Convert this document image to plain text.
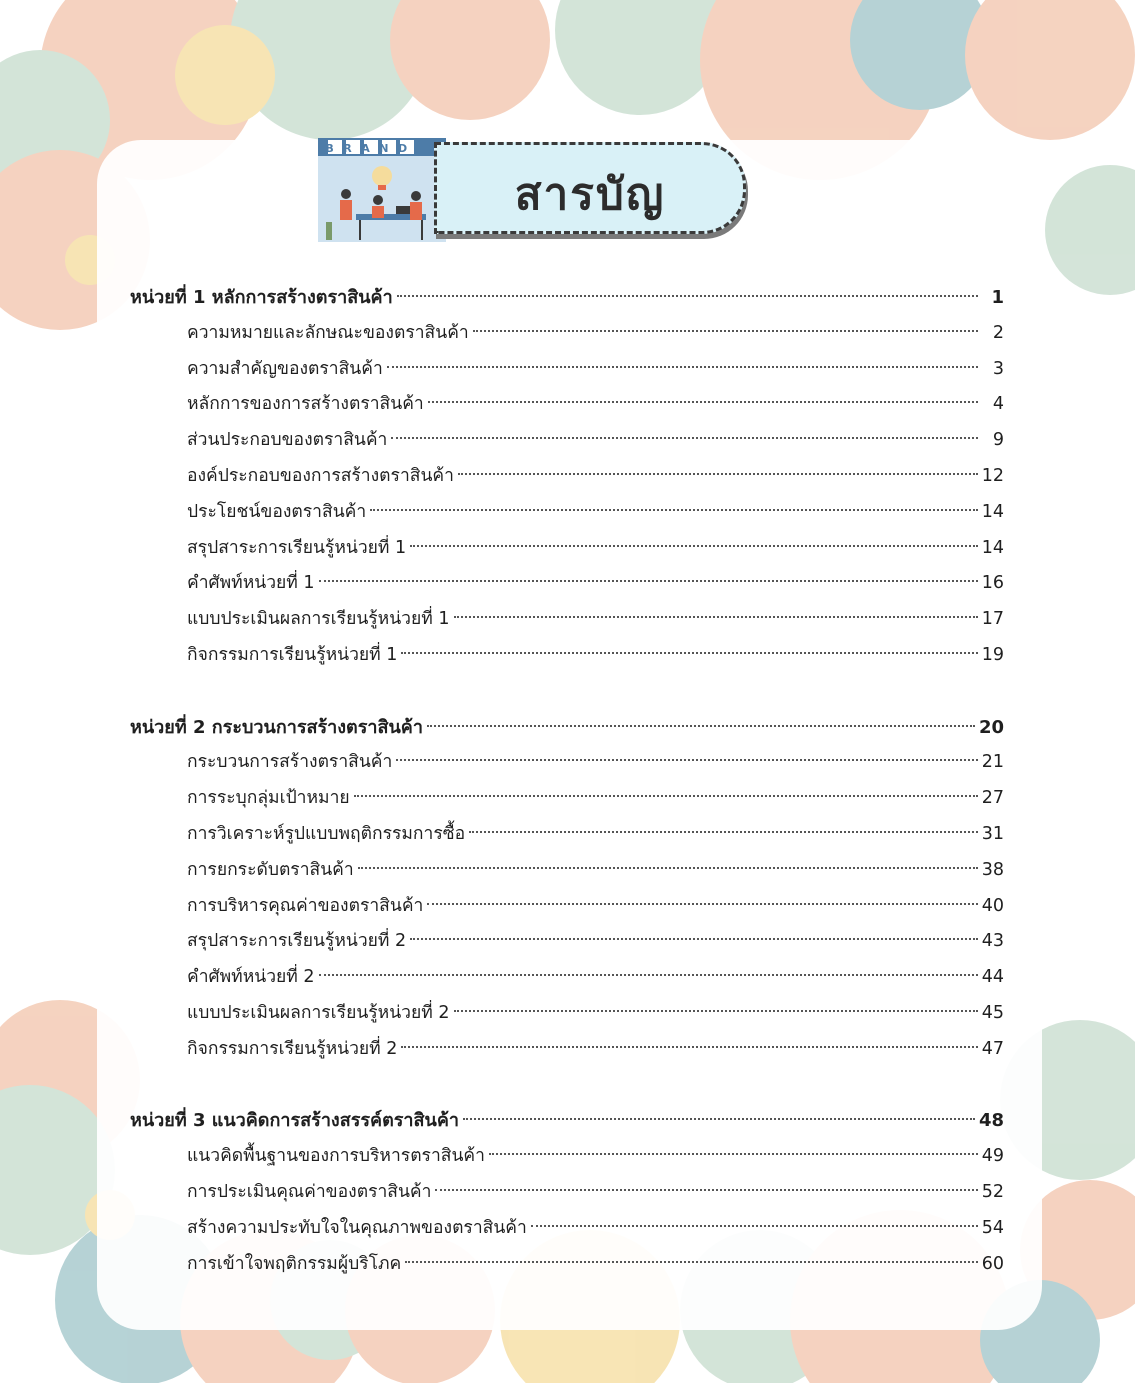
BRAND
สารบัญ
หน่วยที่ 1 หลักการสร้างตราสินค้า	1
ความหมายและลักษณะของตราสินค้า	2
ความสำคัญของตราสินค้า	3
หลักการของการสร้างตราสินค้า	4
ส่วนประกอบของตราสินค้า	9
องค์ประกอบของการสร้างตราสินค้า	12
ประโยชน์ของตราสินค้า	14
สรุปสาระการเรียนรู้หน่วยที่ 1	14
คำศัพท์หน่วยที่ 1	16
แบบประเมินผลการเรียนรู้หน่วยที่ 1	17
กิจกรรมการเรียนรู้หน่วยที่ 1	19
หน่วยที่ 2 กระบวนการสร้างตราสินค้า	20
กระบวนการสร้างตราสินค้า	21
การระบุกลุ่มเป้าหมาย	27
การวิเคราะห์รูปแบบพฤติกรรมการซื้อ	31
การยกระดับตราสินค้า	38
การบริหารคุณค่าของตราสินค้า	40
สรุปสาระการเรียนรู้หน่วยที่ 2	43
คำศัพท์หน่วยที่ 2	44
แบบประเมินผลการเรียนรู้หน่วยที่ 2	45
กิจกรรมการเรียนรู้หน่วยที่ 2	47
หน่วยที่ 3 แนวคิดการสร้างสรรค์ตราสินค้า	48
แนวคิดพื้นฐานของการบริหารตราสินค้า	49
การประเมินคุณค่าของตราสินค้า	52
สร้างความประทับใจในคุณภาพของตราสินค้า	54
การเข้าใจพฤติกรรมผู้บริโภค	60
